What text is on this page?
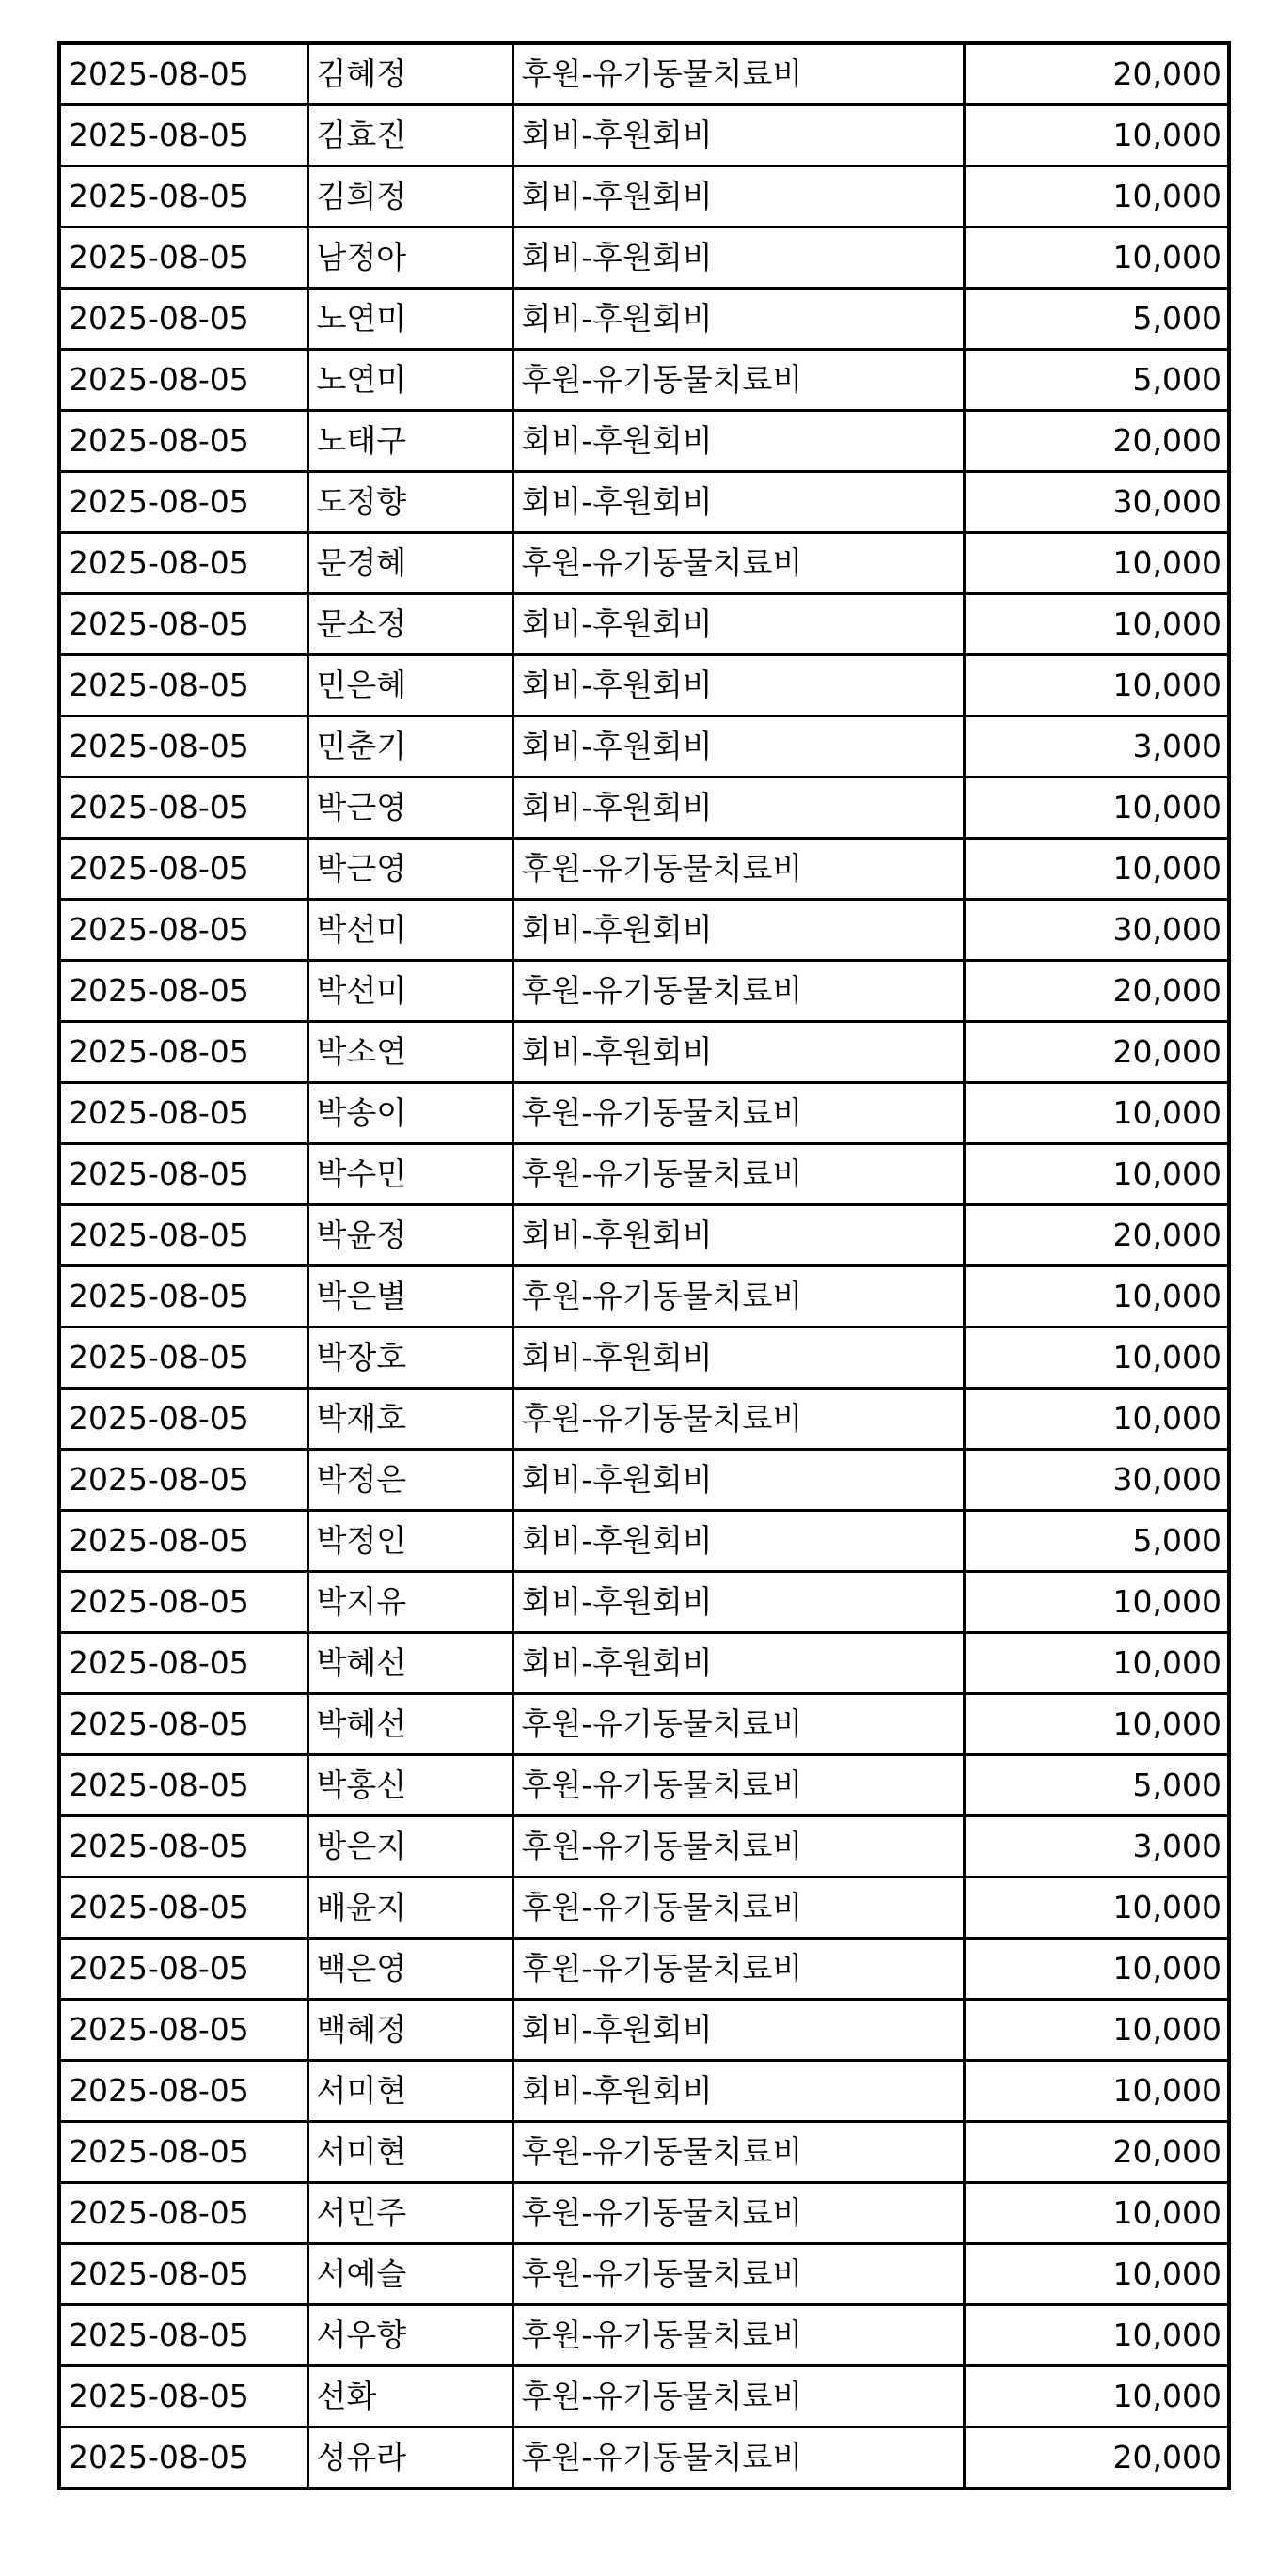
2025-08-05	김혜정	후원-유기동물치료비	20,000
2025-08-05	김효진	회비-후원회비	10,000
2025-08-05	김희정	회비-후원회비	10,000
2025-08-05	남정아	회비-후원회비	10,000
2025-08-05	노연미	회비-후원회비	5,000
2025-08-05	노연미	후원-유기동물치료비	5,000
2025-08-05	노태구	회비-후원회비	20,000
2025-08-05	도정향	회비-후원회비	30,000
2025-08-05	문경혜	후원-유기동물치료비	10,000
2025-08-05	문소정	회비-후원회비	10,000
2025-08-05	민은혜	회비-후원회비	10,000
2025-08-05	민춘기	회비-후원회비	3,000
2025-08-05	박근영	회비-후원회비	10,000
2025-08-05	박근영	후원-유기동물치료비	10,000
2025-08-05	박선미	회비-후원회비	30,000
2025-08-05	박선미	후원-유기동물치료비	20,000
2025-08-05	박소연	회비-후원회비	20,000
2025-08-05	박송이	후원-유기동물치료비	10,000
2025-08-05	박수민	후원-유기동물치료비	10,000
2025-08-05	박윤정	회비-후원회비	20,000
2025-08-05	박은별	후원-유기동물치료비	10,000
2025-08-05	박장호	회비-후원회비	10,000
2025-08-05	박재호	후원-유기동물치료비	10,000
2025-08-05	박정은	회비-후원회비	30,000
2025-08-05	박정인	회비-후원회비	5,000
2025-08-05	박지유	회비-후원회비	10,000
2025-08-05	박혜선	회비-후원회비	10,000
2025-08-05	박혜선	후원-유기동물치료비	10,000
2025-08-05	박홍신	후원-유기동물치료비	5,000
2025-08-05	방은지	후원-유기동물치료비	3,000
2025-08-05	배윤지	후원-유기동물치료비	10,000
2025-08-05	백은영	후원-유기동물치료비	10,000
2025-08-05	백혜정	회비-후원회비	10,000
2025-08-05	서미현	회비-후원회비	10,000
2025-08-05	서미현	후원-유기동물치료비	20,000
2025-08-05	서민주	후원-유기동물치료비	10,000
2025-08-05	서예슬	후원-유기동물치료비	10,000
2025-08-05	서우향	후원-유기동물치료비	10,000
2025-08-05	선화	후원-유기동물치료비	10,000
2025-08-05	성유라	후원-유기동물치료비	20,000
